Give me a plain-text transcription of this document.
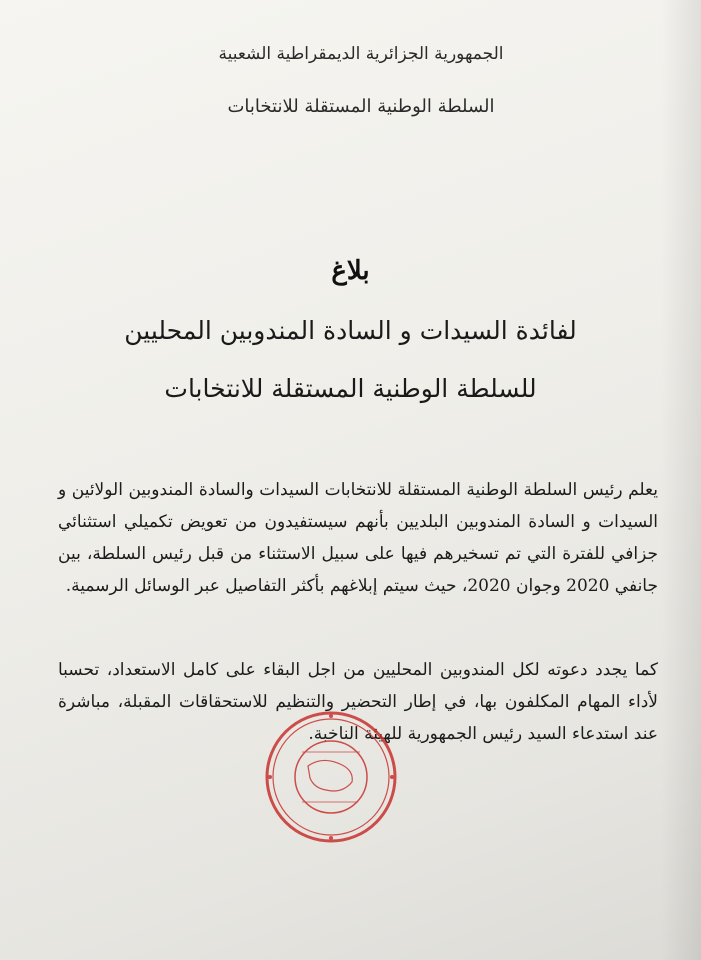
الجمهورية الجزائرية الديمقراطية الشعبية
السلطة الوطنية المستقلة للانتخابات
بلاغ
لفائدة السيدات و السادة المندوبين المحليين
للسلطة الوطنية المستقلة للانتخابات
يعلم رئيس السلطة الوطنية المستقلة للانتخابات السيدات والسادة المندوبين الولائين و السيدات و السادة المندوبين البلديين بأنهم سيستفيدون من تعويض تكميلي استثنائي جزافي للفترة التي تم تسخيرهم فيها على سبيل الاستثناء من قبل رئيس السلطة، بين جانفي 2020 وجوان 2020، حيث سيتم إبلاغهم بأكثر التفاصيل عبر الوسائل الرسمية.
كما يجدد دعوته لكل المندوبين المحليين من اجل البقاء على كامل الاستعداد، تحسبا لأداء المهام المكلفون بها، في إطار التحضير والتنظيم للاستحقاقات المقبلة، مباشرة عند استدعاء السيد رئيس الجمهورية للهيئة الناخبة.
